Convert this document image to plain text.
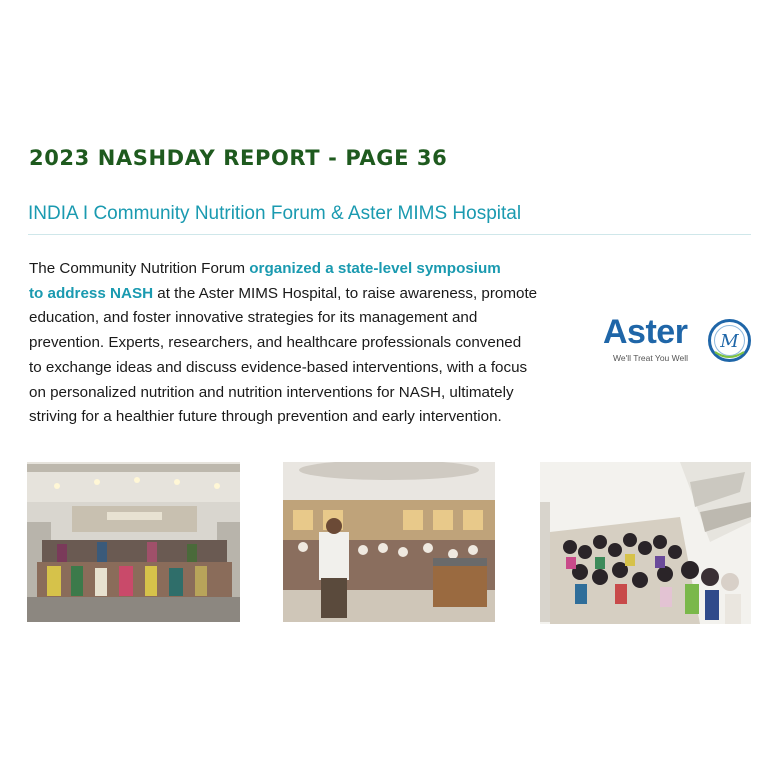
2023 NASHDAY REPORT - PAGE 36
INDIA I Community Nutrition Forum & Aster MIMS Hospital
The Community Nutrition Forum organized a state-level symposium
to address NASH at the Aster MIMS Hospital, to raise awareness, promote
education, and foster innovative strategies for its management and
prevention. Experts, researchers, and healthcare professionals convened
to exchange ideas and discuss evidence-based interventions, with a focus
on personalized nutrition and nutrition interventions for NASH, ultimately
striving for a healthier future through prevention and early intervention.
Aster
We'll Treat You Well
M
